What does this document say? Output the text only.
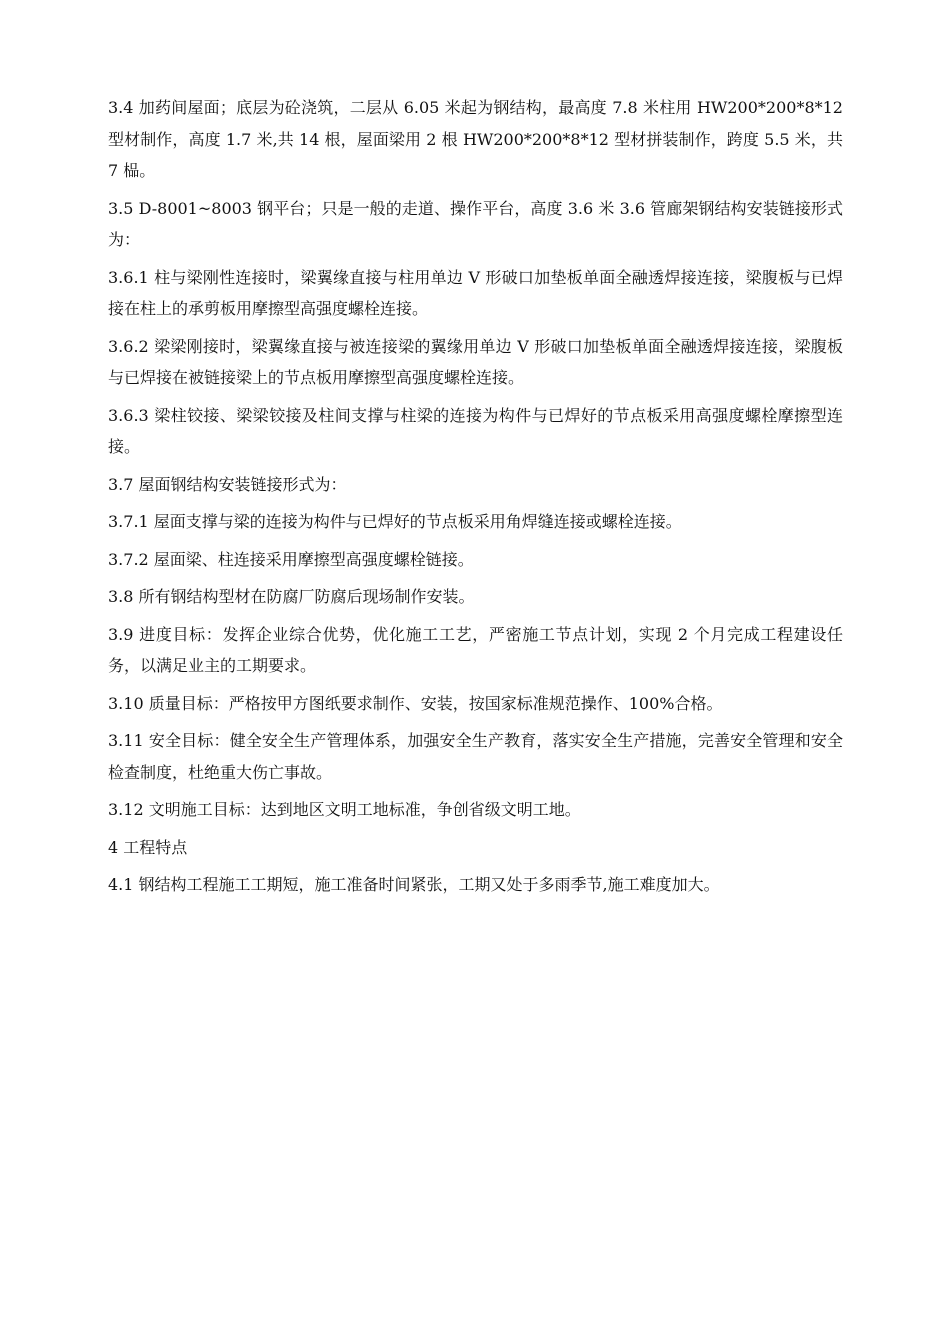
3.4 加药间屋面；底层为砼浇筑，二层从 6.05 米起为钢结构，最高度 7.8 米柱用 HW200*200*8*12 型材制作，高度 1.7 米,共 14 根，屋面梁用 2 根 HW200*200*8*12 型材拼装制作，跨度 5.5 米，共 7 榀。

3.5 D-8001~8003 钢平台；只是一般的走道、操作平台，高度 3.6 米 3.6 管廊架钢结构安装链接形式为：

3.6.1 柱与梁刚性连接时，梁翼缘直接与柱用单边 V 形破口加垫板单面全融透焊接连接，梁腹板与已焊接在柱上的承剪板用摩擦型高强度螺栓连接。

3.6.2 梁梁刚接时，梁翼缘直接与被连接梁的翼缘用单边 V 形破口加垫板单面全融透焊接连接，梁腹板与已焊接在被链接梁上的节点板用摩擦型高强度螺栓连接。

3.6.3 梁柱铰接、梁梁铰接及柱间支撑与柱梁的连接为构件与已焊好的节点板采用高强度螺栓摩擦型连接。

3.7 屋面钢结构安装链接形式为：

3.7.1 屋面支撑与梁的连接为构件与已焊好的节点板采用角焊缝连接或螺栓连接。

3.7.2 屋面梁、柱连接采用摩擦型高强度螺栓链接。

3.8 所有钢结构型材在防腐厂防腐后现场制作安装。

3.9 进度目标：发挥企业综合优势，优化施工工艺，严密施工节点计划，实现 2 个月完成工程建设任务，以满足业主的工期要求。

3.10 质量目标：严格按甲方图纸要求制作、安装，按国家标准规范操作、100%合格。

3.11 安全目标：健全安全生产管理体系，加强安全生产教育，落实安全生产措施，完善安全管理和安全检查制度，杜绝重大伤亡事故。

3.12 文明施工目标：达到地区文明工地标准，争创省级文明工地。

4 工程特点

4.1 钢结构工程施工工期短，施工准备时间紧张，工期又处于多雨季节,施工难度加大。
